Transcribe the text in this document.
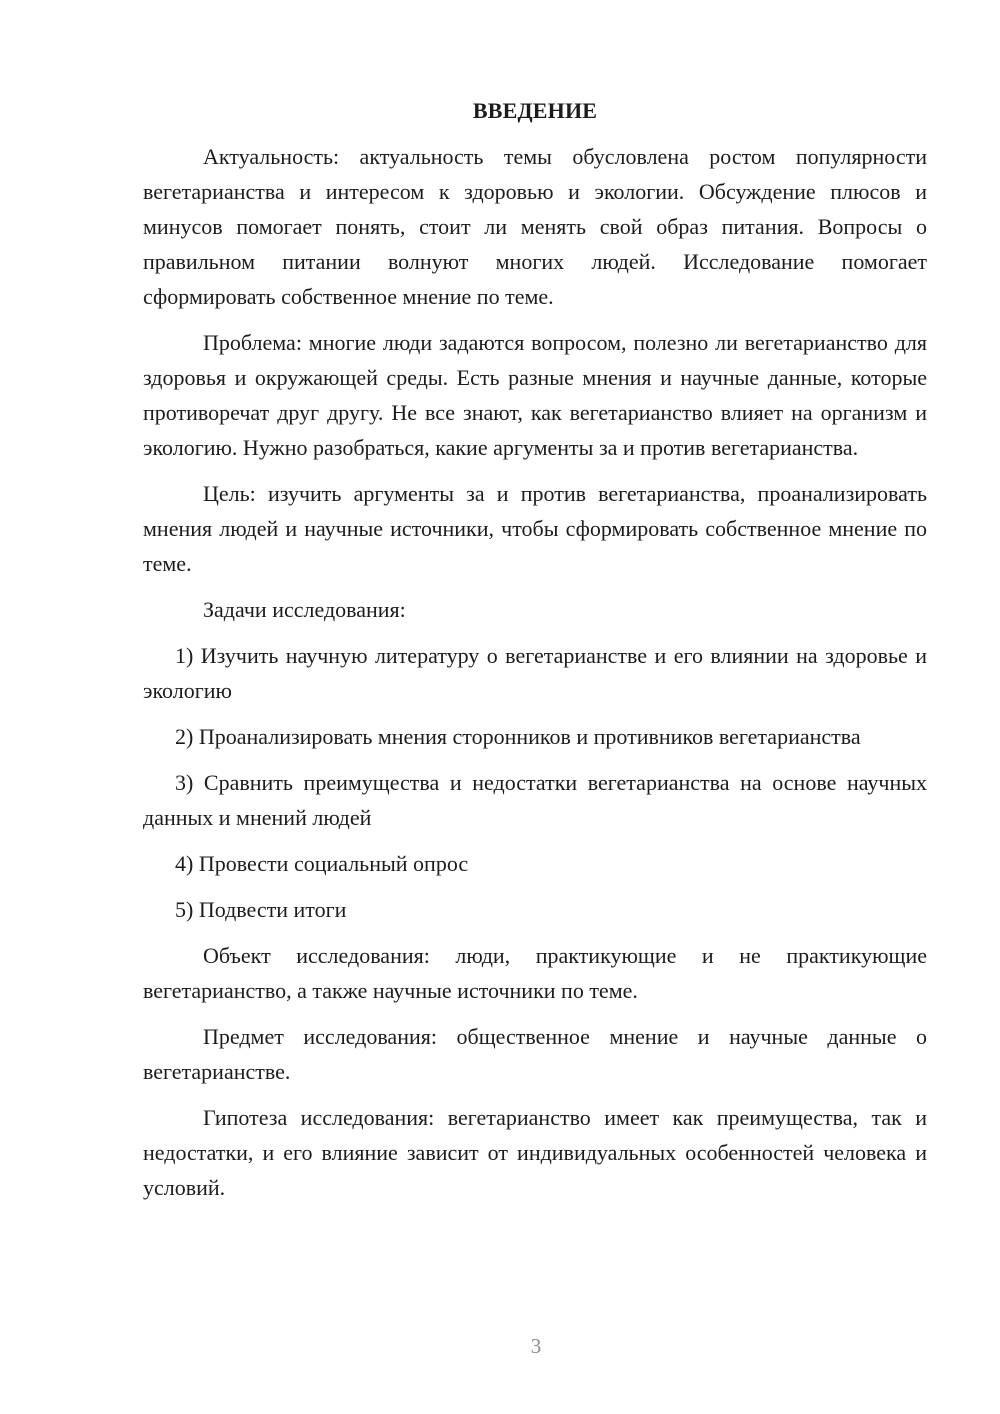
ВВЕДЕНИЕ

Актуальность: актуальность темы обусловлена ростом популярности вегетарианства и интересом к здоровью и экологии. Обсуждение плюсов и минусов помогает понять, стоит ли менять свой образ питания. Вопросы о правильном питании волнуют многих людей. Исследование помогает сформировать собственное мнение по теме.

Проблема: многие люди задаются вопросом, полезно ли вегетарианство для здоровья и окружающей среды. Есть разные мнения и научные данные, которые противоречат друг другу. Не все знают, как вегетарианство влияет на организм и экологию. Нужно разобраться, какие аргументы за и против вегетарианства.

Цель: изучить аргументы за и против вегетарианства, проанализировать мнения людей и научные источники, чтобы сформировать собственное мнение по теме.

Задачи исследования:

1) Изучить научную литературу о вегетарианстве и его влиянии на здоровье и экологию

2) Проанализировать мнения сторонников и противников вегетарианства

3) Сравнить преимущества и недостатки вегетарианства на основе научных данных и мнений людей

4) Провести социальный опрос

5) Подвести итоги

Объект исследования: люди, практикующие и не практикующие вегетарианство, а также научные источники по теме.

Предмет исследования: общественное мнение и научные данные о вегетарианстве.

Гипотеза исследования: вегетарианство имеет как преимущества, так и недостатки, и его влияние зависит от индивидуальных особенностей человека и условий.

3
